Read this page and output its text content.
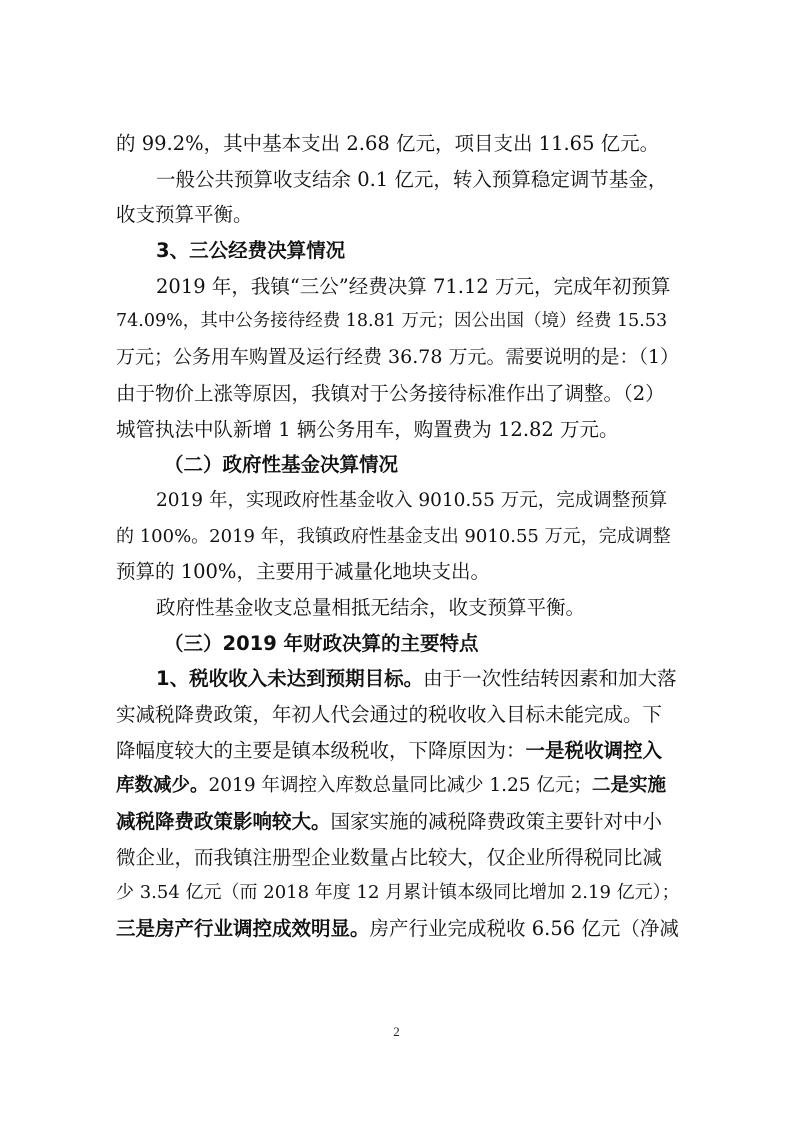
的 99.2%，其中基本支出 2.68 亿元，项目支出 11.65 亿元。
一般公共预算收支结余 0.1 亿元，转入预算稳定调节基金，
收支预算平衡。
3、三公经费决算情况
2019 年，我镇“三公”经费决算 71.12 万元，完成年初预算
74.09%，其中公务接待经费 18.81 万元；因公出国（境）经费 15.53
万元；公务用车购置及运行经费 36.78 万元。需要说明的是：（1）
由于物价上涨等原因，我镇对于公务接待标准作出了调整。（2）
城管执法中队新增 1 辆公务用车，购置费为 12.82 万元。
（二）政府性基金决算情况
2019 年，实现政府性基金收入 9010.55 万元，完成调整预算
的 100%。2019 年，我镇政府性基金支出 9010.55 万元，完成调整
预算的 100%，主要用于减量化地块支出。
政府性基金收支总量相抵无结余，收支预算平衡。
（三）2019 年财政决算的主要特点
1、税收收入未达到预期目标。由于一次性结转因素和加大落
实减税降费政策，年初人代会通过的税收收入目标未能完成。下
降幅度较大的主要是镇本级税收，下降原因为：一是税收调控入
库数减少。2019 年调控入库数总量同比减少 1.25 亿元；二是实施
减税降费政策影响较大。国家实施的减税降费政策主要针对中小
微企业，而我镇注册型企业数量占比较大，仅企业所得税同比减
少 3.54 亿元（而 2018 年度 12 月累计镇本级同比增加 2.19 亿元）；
三是房产行业调控成效明显。房产行业完成税收 6.56 亿元（净减
2
